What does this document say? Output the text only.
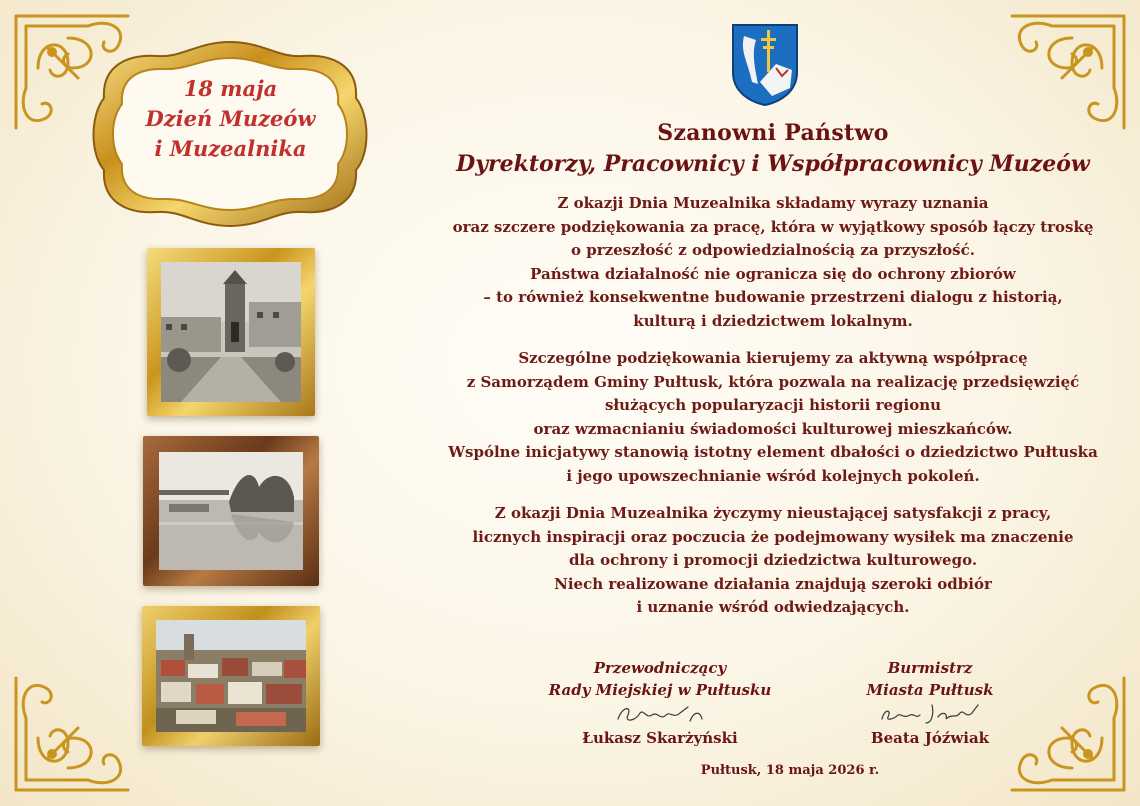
18 maja
Dzień Muzeów
i Muzealnika
Szanowni Państwo
Dyrektorzy, Pracownicy i Współpracownicy Muzeów
Z okazji Dnia Muzealnika składamy wyrazy uznania
oraz szczere podziękowania za pracę, która w wyjątkowy sposób łączy troskę
o przeszłość z odpowiedzialnością za przyszłość.
Państwa działalność nie ogranicza się do ochrony zbiorów
– to również konsekwentne budowanie przestrzeni dialogu z historią,
kulturą i dziedzictwem lokalnym.
Szczególne podziękowania kierujemy za aktywną współpracę
z Samorządem Gminy Pułtusk, która pozwala na realizację przedsięwzięć
służących popularyzacji historii regionu
oraz wzmacnianiu świadomości kulturowej mieszkańców.
Wspólne inicjatywy stanowią istotny element dbałości o dziedzictwo Pułtuska
i jego upowszechnianie wśród kolejnych pokoleń.
Z okazji Dnia Muzealnika życzymy nieustającej satysfakcji z pracy,
licznych inspiracji oraz poczucia że podejmowany wysiłek ma znaczenie
dla ochrony i promocji dziedzictwa kulturowego.
Niech realizowane działania znajdują szeroki odbiór
i uznanie wśród odwiedzających.
Przewodniczący
Rady Miejskiej w Pułtusku
Łukasz Skarżyński
Burmistrz
Miasta Pułtusk
Beata Jóźwiak
Pułtusk, 18 maja 2026 r.
